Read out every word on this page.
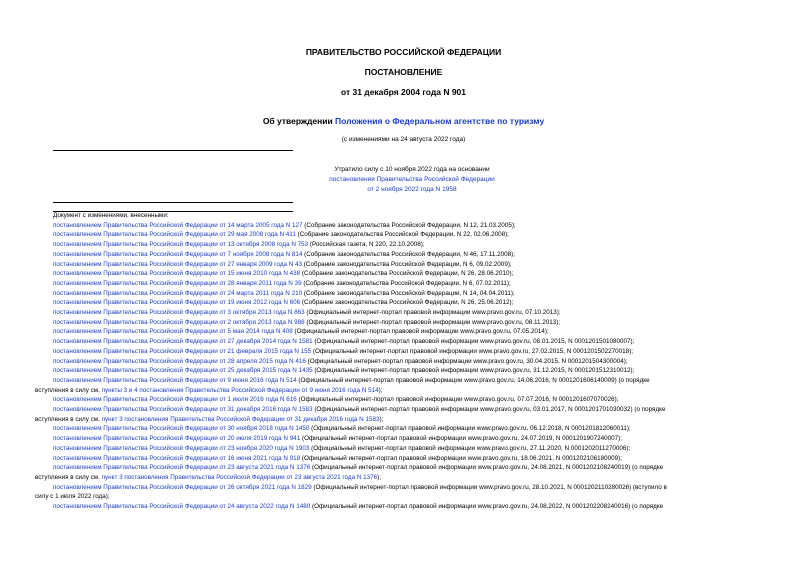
ПРАВИТЕЛЬСТВО РОССИЙСКОЙ ФЕДЕРАЦИИ
ПОСТАНОВЛЕНИЕ
от 31 декабря 2004 года N 901
Об утверждении Положения о Федеральном агентстве по туризму
(с изменениями на 24 августа 2022 года)
Утратило силу с 10 ноября 2022 года на основании
постановления Правительства Российской Федерации
от 2 ноября 2022 года N 1958
Документ с изменениями, внесенными:
постановлением Правительства Российской Федерации от 14 марта 2005 года N 127 (Собрание законодательства Российской Федерации, N 12, 21.03.2005);
постановлением Правительства Российской Федерации от 29 мая 2008 года N 411 (Собрание законодательства Российской Федерации, N 22, 02.06.2008);
постановлением Правительства Российской Федерации от 13 октября 2008 года N 753 (Российская газета, N 220, 22.10.2008);
постановлением Правительства Российской Федерации от 7 ноября 2008 года N 814 (Собрание законодательства Российской Федерации, N 46, 17.11.2008);
постановлением Правительства Российской Федерации от 27 января 2009 года N 43 (Собрание законодательства Российской Федерации, N 6, 09.02.2009);
постановлением Правительства Российской Федерации от 15 июня 2010 года N 438 (Собрание законодательства Российской Федерации, N 26, 28.06.2010);
постановлением Правительства Российской Федерации от 28 января 2011 года N 39 (Собрание законодательства Российской Федерации, N 6, 07.02.2011);
постановлением Правительства Российской Федерации от 24 марта 2011 года N 210 (Собрание законодательства Российской Федерации, N 14, 04.04.2011);
постановлением Правительства Российской Федерации от 19 июня 2012 года N 606 (Собрание законодательства Российской Федерации, N 26, 25.06.2012);
постановлением Правительства Российской Федерации от 3 октября 2013 года N 863 (Официальный интернет-портал правовой информации www.pravo.gov.ru, 07.10.2013);
постановлением Правительства Российской Федерации от 2 октября 2013 года N 988 (Официальный интернет-портал правовой информации www.pravo.gov.ru, 08.11.2013);
постановлением Правительства Российской Федерации от 5 мая 2014 года N 408 (Официальный интернет-портал правовой информации www.pravo.gov.ru, 07.05.2014);
постановлением Правительства Российской Федерации от 27 декабря 2014 года N 1581 (Официальный интернет-портал правовой информации www.pravo.gov.ru, 08.01.2015, N 0001201501080007);
постановлением Правительства Российской Федерации от 21 февраля 2015 года N 155 (Официальный интернет-портал правовой информации www.pravo.gov.ru, 27.02.2015, N 0001201502270018);
постановлением Правительства Российской Федерации от 28 апреля 2015 года N 416 (Официальный интернет-портал правовой информации www.pravo.gov.ru, 30.04.2015, N 0001201504300004);
постановлением Правительства Российской Федерации от 25 декабря 2015 года N 1435 (Официальный интернет-портал правовой информации www.pravo.gov.ru, 31.12.2015, N 0001201512310012);
постановлением Правительства Российской Федерации от 9 июня 2016 года N 514 (Официальный интернет-портал правовой информации www.pravo.gov.ru, 14.06.2016, N 0001201606140009) (о порядке
вступления в силу см. пункты 3 и 4 постановления Правительства Российской Федерации от 9 июня 2016 года N 514);
постановлением Правительства Российской Федерации от 1 июля 2016 года N 616 (Официальный интернет-портал правовой информации www.pravo.gov.ru, 07.07.2016, N 0001201607070026);
постановлением Правительства Российской Федерации от 31 декабря 2016 года N 1583 (Официальный интернет-портал правовой информации www.pravo.gov.ru, 03.01.2017, N 0001201701030032) (о порядке
вступления в силу см. пункт 3 постановления Правительства Российской Федерации от 31 декабря 2016 года N 1583);
постановлением Правительства Российской Федерации от 30 ноября 2018 года N 1450 (Официальный интернет-портал правовой информации www.pravo.gov.ru, 06.12.2018, N 0001201812060011);
постановлением Правительства Российской Федерации от 20 июля 2019 года N 941 (Официальный интернет-портал правовой информации www.pravo.gov.ru, 24.07.2019, N 0001201907240007);
постановлением Правительства Российской Федерации от 23 ноября 2020 года N 1903 (Официальный интернет-портал правовой информации www.pravo.gov.ru, 27.11.2020, N 0001202011270006);
постановлением Правительства Российской Федерации от 16 июня 2021 года N 918 (Официальный интернет-портал правовой информации www.pravo.gov.ru, 18.06.2021, N 0001202106180009);
постановлением Правительства Российской Федерации от 23 августа 2021 года N 1376 (Официальный интернет-портал правовой информации www.pravo.gov.ru, 24.08.2021, N 0001202108240019) (о порядке
вступления в силу см. пункт 3 постановления Правительства Российской Федерации от 23 августа 2021 года N 1376);
постановлением Правительства Российской Федерации от 26 октября 2021 года N 1829 (Официальный интернет-портал правовой информации www.pravo.gov.ru, 28.10.2021, N 0001202110280026) (вступило в
силу с 1 июля 2022 года);
постановлением Правительства Российской Федерации от 24 августа 2022 года N 1480 (Официальный интернет-портал правовой информации www.pravo.gov.ru, 24.08.2022, N 0001202208240016) (о порядке
